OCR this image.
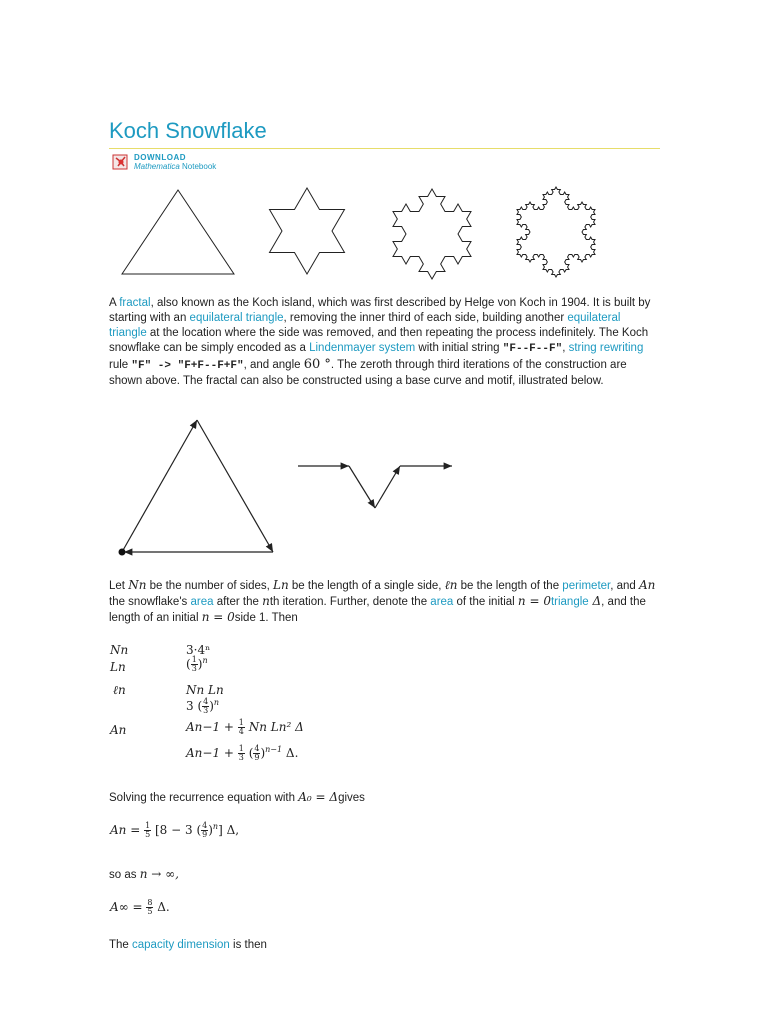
Koch Snowflake
DOWNLOAD
Mathematica Notebook

A fractal, also known as the Koch island, which was first described by Helge von Koch in 1904. It is built by starting with an equilateral triangle, removing the inner third of each side, building another equilateral triangle at the location where the side was removed, and then repeating the process indefinitely. The Koch snowflake can be simply encoded as a Lindenmayer system with initial string "F--F--F", string rewriting rule "F" -> "F+F--F+F", and angle 60 °. The zeroth through third iterations of the construction are shown above. The fractal can also be constructed using a base curve and motif, illustrated below.

Let Nn be the number of sides, Ln be the length of a single side, ℓn be the length of the perimeter, and An the snowflake's area after the nth iteration. Further, denote the area of the initial n = 0triangle Δ, and the length of an initial n = 0side 1. Then

Nn	3·4ⁿ
Ln	( $\frac{1}{3} )^n$
ℓn	Nn Ln
3 ( $\frac{4}{3} )^n$
An	$An-1 + \frac{1}{4}$ Nn Ln² Δ
$An-1 + \frac{1}{3}$ ( $\frac{4}{9} )^{n-1}$ Δ.
Solving the recurrence equation with A₀ = Δgives
$An = \frac{1}{5} [8 - 3$ ( $\frac{4}{9} )^n$] Δ,
so as n → ∞,
$A\infty = \frac{8}{5} \Delta$.
The capacity dimension is then
